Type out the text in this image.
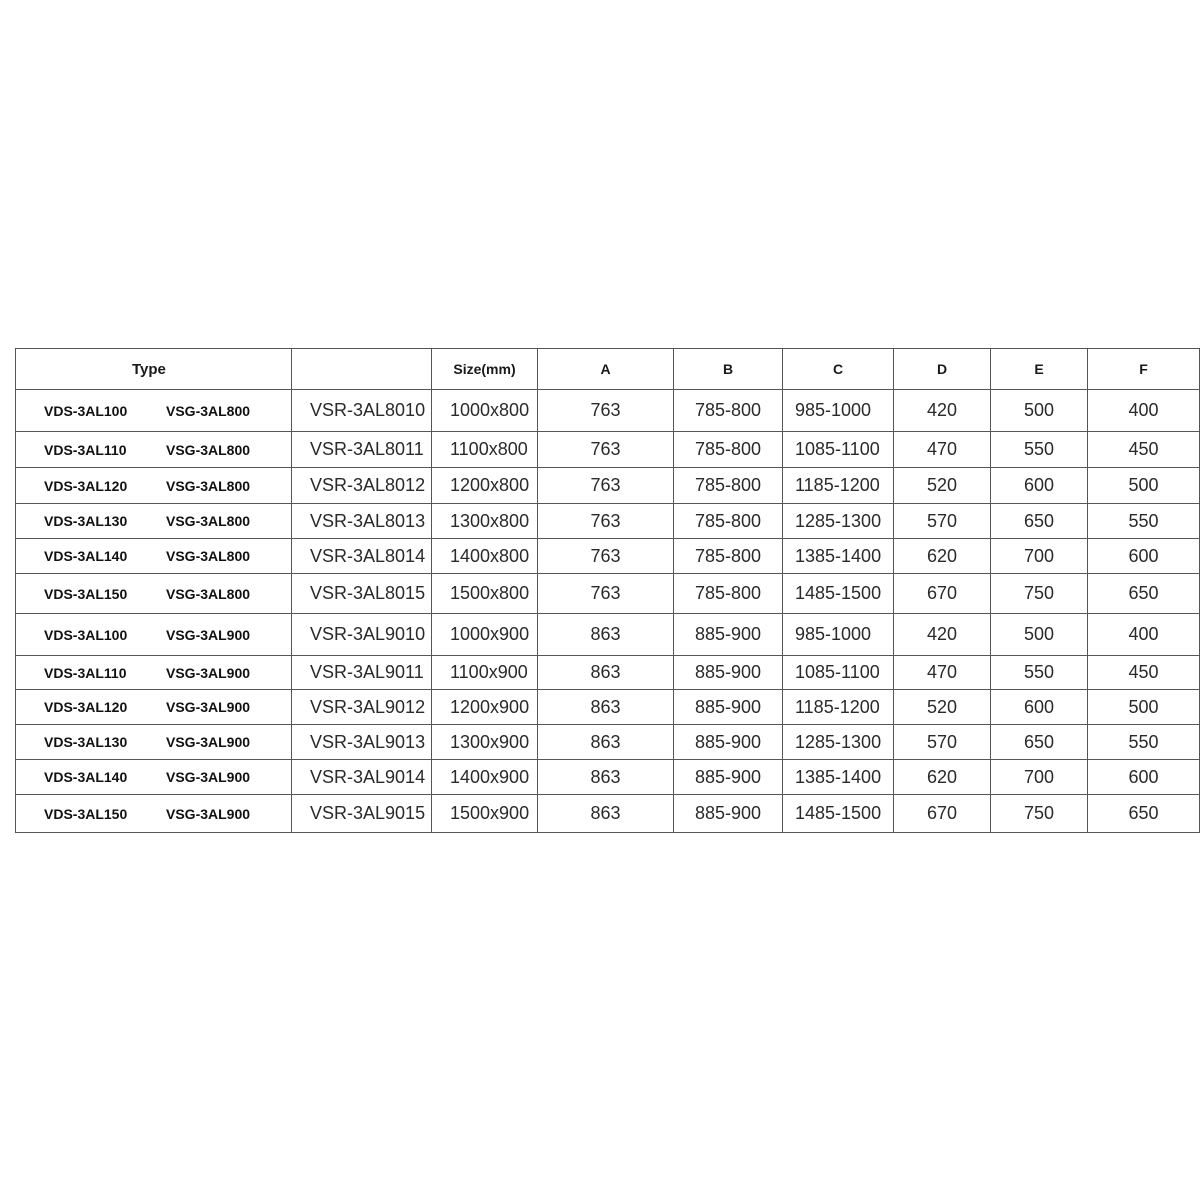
Type		Size(mm)	A	B	C	D	E	F

VDS-3AL100 VSG-3AL800	VSR-3AL8010	1000x800	763	785-800	985-1000	420	500	400

VDS-3AL110 VSG-3AL800	VSR-3AL8011	1100x800	763	785-800	1085-1100	470	550	450

VDS-3AL120 VSG-3AL800	VSR-3AL8012	1200x800	763	785-800	1185-1200	520	600	500

VDS-3AL130 VSG-3AL800	VSR-3AL8013	1300x800	763	785-800	1285-1300	570	650	550

VDS-3AL140 VSG-3AL800	VSR-3AL8014	1400x800	763	785-800	1385-1400	620	700	600

VDS-3AL150 VSG-3AL800	VSR-3AL8015	1500x800	763	785-800	1485-1500	670	750	650

VDS-3AL100 VSG-3AL900	VSR-3AL9010	1000x900	863	885-900	985-1000	420	500	400

VDS-3AL110 VSG-3AL900	VSR-3AL9011	1100x900	863	885-900	1085-1100	470	550	450

VDS-3AL120 VSG-3AL900	VSR-3AL9012	1200x900	863	885-900	1185-1200	520	600	500

VDS-3AL130 VSG-3AL900	VSR-3AL9013	1300x900	863	885-900	1285-1300	570	650	550

VDS-3AL140 VSG-3AL900	VSR-3AL9014	1400x900	863	885-900	1385-1400	620	700	600

VDS-3AL150 VSG-3AL900	VSR-3AL9015	1500x900	863	885-900	1485-1500	670	750	650
